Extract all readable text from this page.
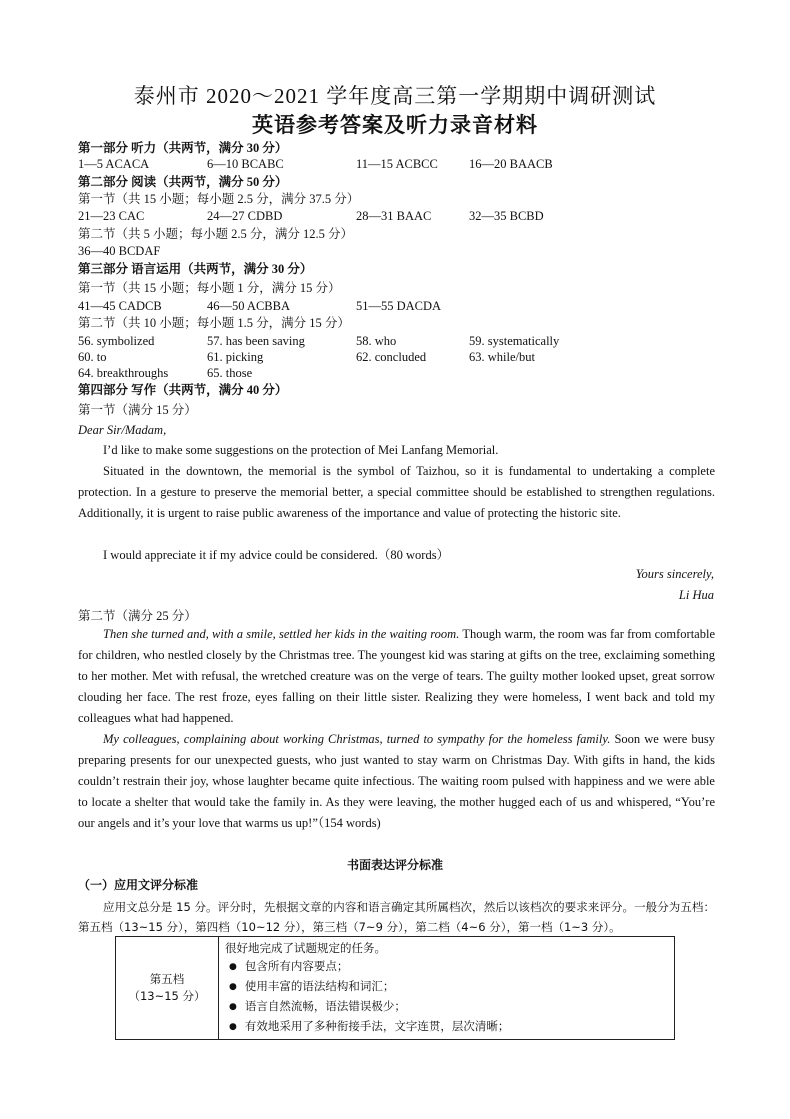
泰州市 2020～2021 学年度高三第一学期期中调研测试
英语参考答案及听力录音材料
第一部分 听力（共两节，满分 30 分）
1—5 ACACA	6—10 BCABC	11—15 ACBCC 16—20 BAACB
第二部分 阅读（共两节，满分 50 分）
第一节（共 15 小题；每小题 2.5 分，满分 37.5 分）
21—23 CAC	24—27 CDBD	28—31 BAAC	32—35 BCBD
第二节（共 5 小题；每小题 2.5 分，满分 12.5 分）
36—40 BCDAF
第三部分 语言运用（共两节，满分 30 分）
第一节（共 15 小题；每小题 1 分，满分 15 分）
41—45 CADCB	46—50 ACBBA	51—55 DACDA
第二节（共 10 小题；每小题 1.5 分，满分 15 分）
56. symbolized	57. has been saving	58. who	59. systematically
60. to	61. picking	62. concluded	63. while/but
64. breakthroughs	65. those
第四部分 写作（共两节，满分 40 分）
第一节（满分 15 分）
Dear Sir/Madam,
I’d like to make some suggestions on the protection of Mei Lanfang Memorial.
Situated in the downtown, the memorial is the symbol of Taizhou, so it is fundamental to undertaking a complete protection. In a gesture to preserve the memorial better, a special committee should be established to strengthen regulations. Additionally, it is urgent to raise public awareness of the importance and value of protecting the historic site.
I would appreciate it if my advice could be considered.（80 words）
Yours sincerely,
Li Hua
第二节（满分 25 分）
Then she turned and, with a smile, settled her kids in the waiting room. Though warm, the room was far from comfortable for children, who nestled closely by the Christmas tree. The youngest kid was staring at gifts on the tree, exclaiming something to her mother. Met with refusal, the wretched creature was on the verge of tears. The guilty mother looked upset, great sorrow clouding her face. The rest froze, eyes falling on their little sister. Realizing they were homeless, I went back and told my colleagues what had happened.
My colleagues, complaining about working Christmas, turned to sympathy for the homeless family. Soon we were busy preparing presents for our unexpected guests, who just wanted to stay warm on Christmas Day. With gifts in hand, the kids couldn’t restrain their joy, whose laughter became quite infectious. The waiting room pulsed with happiness and we were able to locate a shelter that would take the family in. As they were leaving, the mother hugged each of us and whispered, “You’re our angels and it’s your love that warms us up!”（154 words)
书面表达评分标准
（一）应用文评分标准
应用文总分是 15 分。评分时，先根据文章的内容和语言确定其所属档次，然后以该档次的要求来评分。一般分为五档：第五档（13~15 分），第四档（10~12 分），第三档（7~9 分），第二档（4~6 分），第一档（1~3 分）。
第五档
（13~15 分）

很好地完成了试题规定的任务。
● 包含所有内容要点；
● 使用丰富的语法结构和词汇；
● 语言自然流畅，语法错误极少；
● 有效地采用了多种衔接手法，文字连贯，层次清晰；
